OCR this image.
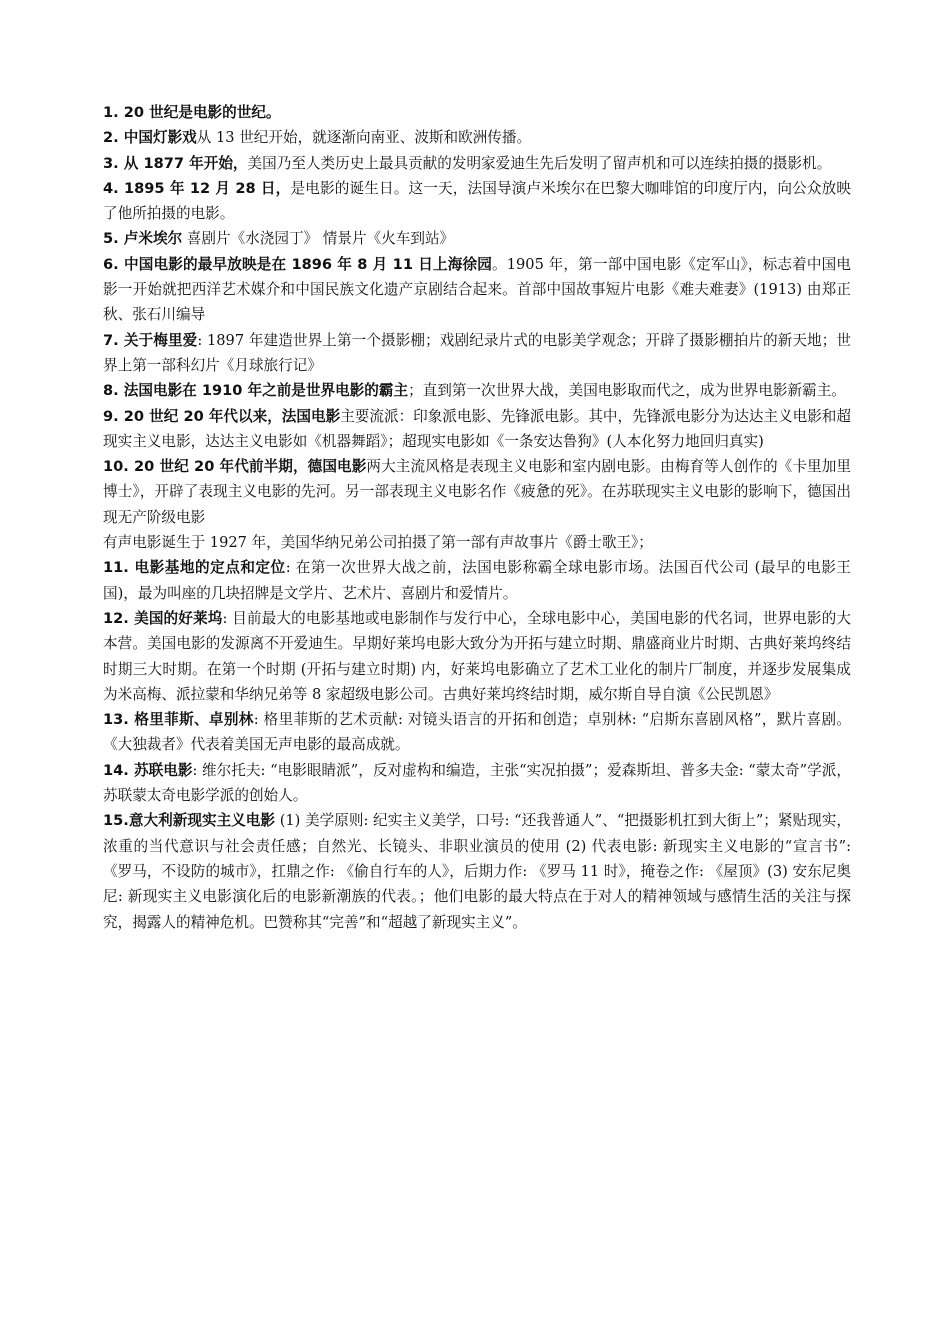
1. 20 世纪是电影的世纪。

2. 中国灯影戏从 13 世纪开始，就逐渐向南亚、波斯和欧洲传播。

3. 从 1877 年开始，美国乃至人类历史上最具贡献的发明家爱迪生先后发明了留声机和可以连续拍摄的摄影机。

4. 1895 年 12 月 28 日，是电影的诞生日。这一天，法国导演卢米埃尔在巴黎大咖啡馆的印度厅内，向公众放映了他所拍摄的电影。

5. 卢米埃尔 喜剧片《水浇园丁》 情景片《火车到站》

6. 中国电影的最早放映是在 1896 年 8 月 11 日上海徐园。1905 年，第一部中国电影《定军山》，标志着中国电影一开始就把西洋艺术媒介和中国民族文化遗产京剧结合起来。首部中国故事短片电影《难夫难妻》(1913) 由郑正秋、张石川编导

7. 关于梅里爱: 1897 年建造世界上第一个摄影棚；戏剧纪录片式的电影美学观念；开辟了摄影棚拍片的新天地；世界上第一部科幻片《月球旅行记》

8. 法国电影在 1910 年之前是世界电影的霸主；直到第一次世界大战，美国电影取而代之，成为世界电影新霸主。

9. 20 世纪 20 年代以来，法国电影主要流派：印象派电影、先锋派电影。其中，先锋派电影分为达达主义电影和超现实主义电影，达达主义电影如《机器舞蹈》；超现实电影如《一条安达鲁狗》(人本化努力地回归真实)

10. 20 世纪 20 年代前半期，德国电影两大主流风格是表现主义电影和室内剧电影。由梅育等人创作的《卡里加里博士》，开辟了表现主义电影的先河。另一部表现主义电影名作《疲惫的死》。在苏联现实主义电影的影响下，德国出现无产阶级电影

有声电影诞生于 1927 年，美国华纳兄弟公司拍摄了第一部有声故事片《爵士歌王》；

11. 电影基地的定点和定位: 在第一次世界大战之前，法国电影称霸全球电影市场。法国百代公司 (最早的电影王国)，最为叫座的几块招牌是文学片、艺术片、喜剧片和爱情片。

12. 美国的好莱坞: 目前最大的电影基地或电影制作与发行中心，全球电影中心，美国电影的代名词，世界电影的大本营。美国电影的发源离不开爱迪生。早期好莱坞电影大致分为开拓与建立时期、鼎盛商业片时期、古典好莱坞终结时期三大时期。在第一个时期 (开拓与建立时期) 内，好莱坞电影确立了艺术工业化的制片厂制度，并逐步发展集成为米高梅、派拉蒙和华纳兄弟等 8 家超级电影公司。古典好莱坞终结时期，威尔斯自导自演《公民凯恩》

13. 格里菲斯、卓别林: 格里菲斯的艺术贡献: 对镜头语言的开拓和创造；卓别林: “启斯东喜剧风格”，默片喜剧。《大独裁者》代表着美国无声电影的最高成就。

14. 苏联电影: 维尔托夫: “电影眼睛派”，反对虚构和编造，主张“实况拍摄”；爱森斯坦、普多夫金: “蒙太奇”学派，苏联蒙太奇电影学派的创始人。

15.意大利新现实主义电影 (1) 美学原则: 纪实主义美学，口号: “还我普通人”、“把摄影机扛到大街上”；紧贴现实，浓重的当代意识与社会责任感；自然光、长镜头、非职业演员的使用 (2) 代表电影: 新现实主义电影的“宣言书”: 《罗马，不设防的城市》，扛鼎之作: 《偷自行车的人》，后期力作: 《罗马 11 时》，掩卷之作: 《屋顶》(3) 安东尼奥尼: 新现实主义电影演化后的电影新潮族的代表。；他们电影的最大特点在于对人的精神领域与感情生活的关注与探究，揭露人的精神危机。巴赞称其“完善”和“超越了新现实主义”。
